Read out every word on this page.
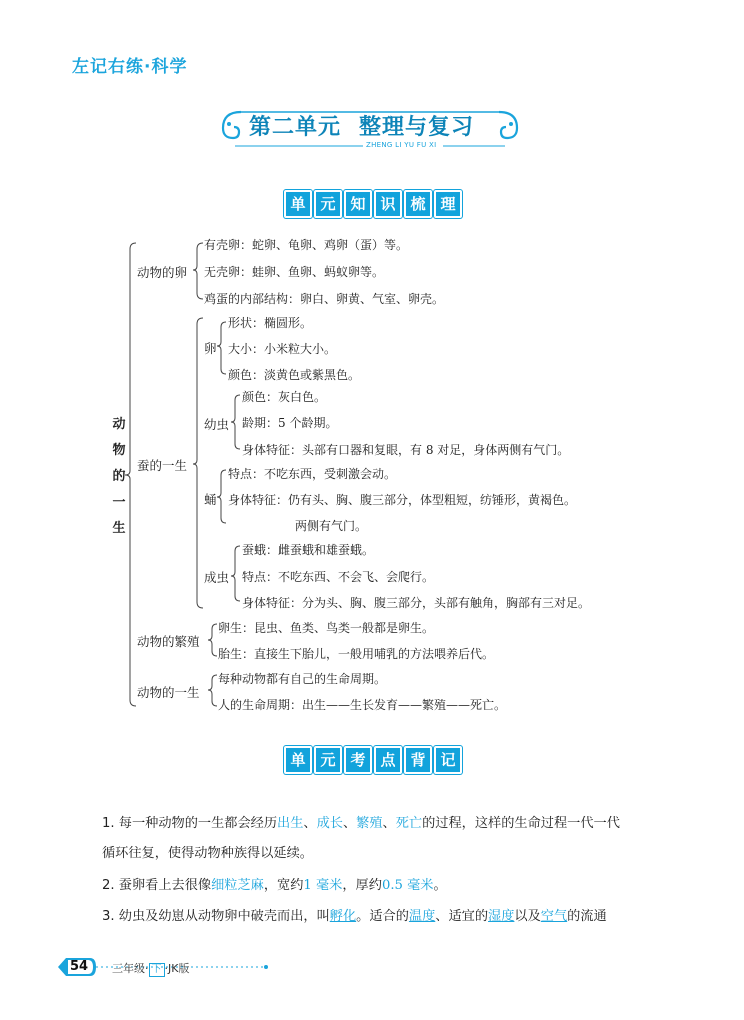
左记右练·科学
第二单元 整理与复习
ZHENG LI YU FU XI
单 元 知 识 梳 理
动
物
的
一
生
动物的卵
有壳卵：蛇卵、龟卵、鸡卵（蛋）等。
无壳卵：蛙卵、鱼卵、蚂蚁卵等。
鸡蛋的内部结构：卵白、卵黄、气室、卵壳。
蚕的一生
卵
形状：椭圆形。
大小：小米粒大小。
颜色：淡黄色或紫黑色。
幼虫
颜色：灰白色。
龄期：5 个龄期。
身体特征：头部有口器和复眼，有 8 对足，身体两侧有气门。
蛹
特点：不吃东西，受刺激会动。
身体特征：仍有头、胸、腹三部分，体型粗短，纺锤形，黄褐色。
两侧有气门。
成虫
蚕蛾：雌蚕蛾和雄蚕蛾。
特点：不吃东西、不会飞、会爬行。
身体特征：分为头、胸、腹三部分，头部有触角，胸部有三对足。
动物的繁殖
卵生：昆虫、鱼类、鸟类一般都是卵生。
胎生：直接生下胎儿，一般用哺乳的方法喂养后代。
动物的一生
每种动物都有自己的生命周期。
人的生命周期：出生——生长发育——繁殖——死亡。
单 元 考 点 背 记
1. 每一种动物的一生都会经历出生、成长、繁殖、死亡的过程，这样的生命过程一代一代
循环往复，使得动物种族得以延续。
2. 蚕卵看上去很像细粒芝麻，宽约1 毫米，厚约0.5 毫米。
3. 幼虫及幼崽从动物卵中破壳而出，叫孵化。适合的温度、适宜的湿度以及空气的流通
54 三年级· 下 ·JK版
